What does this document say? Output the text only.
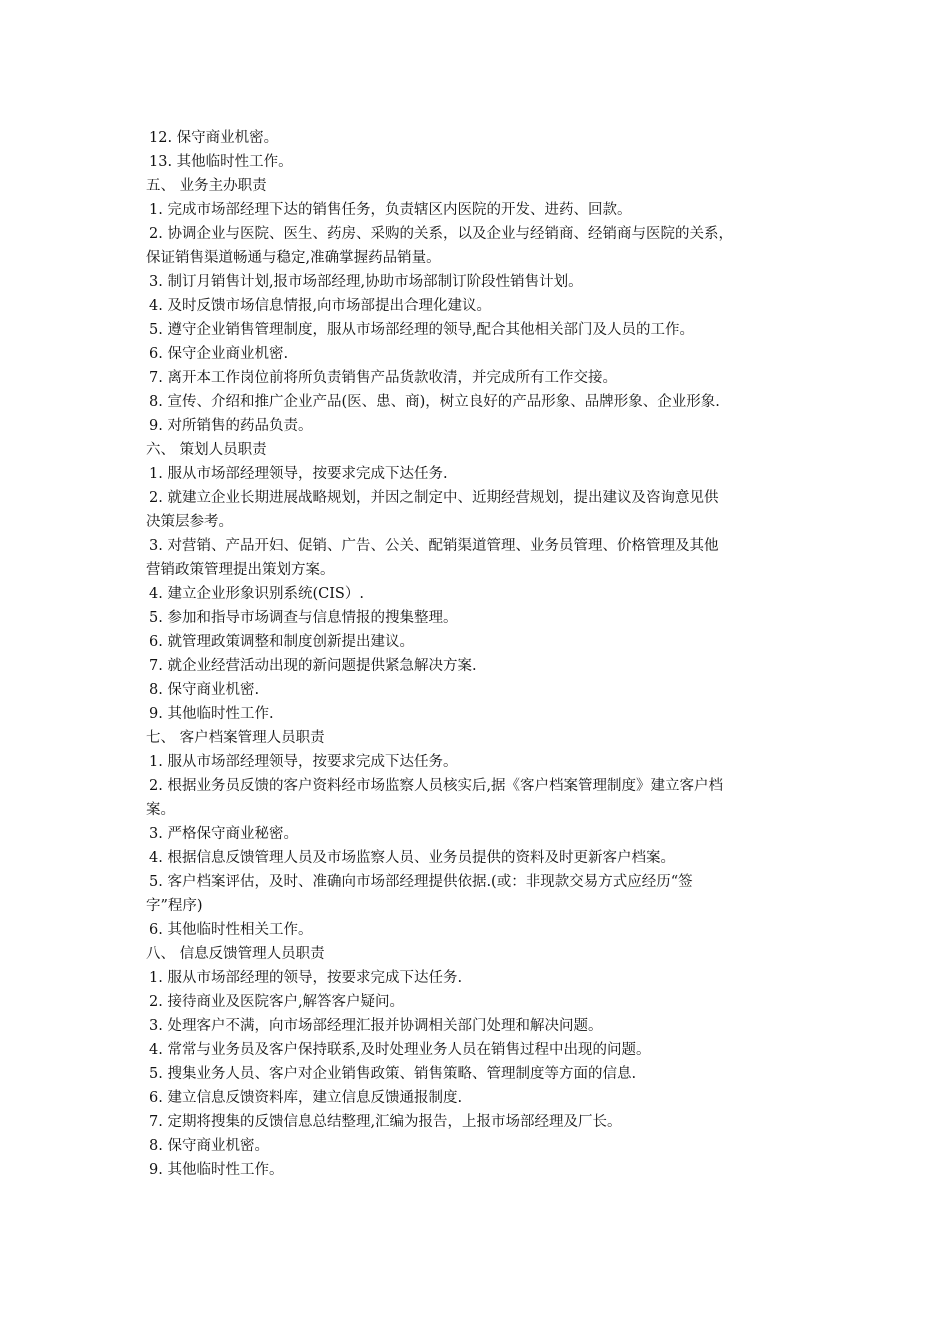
12. 保守商业机密。
13. 其他临时性工作。
五、 业务主办职责
1. 完成市场部经理下达的销售任务，负责辖区内医院的开发、进药、回款。
2. 协调企业与医院、医生、药房、采购的关系，以及企业与经销商、经销商与医院的关系，
保证销售渠道畅通与稳定,准确掌握药品销量。
3. 制订月销售计划,报市场部经理,协助市场部制订阶段性销售计划。
4. 及时反馈市场信息情报,向市场部提出合理化建议。
5. 遵守企业销售管理制度，服从市场部经理的领导,配合其他相关部门及人员的工作。
6. 保守企业商业机密.
7. 离开本工作岗位前将所负责销售产品货款收清，并完成所有工作交接。
8. 宣传、介绍和推广企业产品(医、患、商)，树立良好的产品形象、品牌形象、企业形象.
9. 对所销售的药品负责。
六、 策划人员职责
1. 服从市场部经理领导，按要求完成下达任务.
2. 就建立企业长期进展战略规划，并因之制定中、近期经营规划，提出建议及咨询意见供
决策层参考。
3. 对营销、产品开妇、促销、广告、公关、配销渠道管理、业务员管理、价格管理及其他
营销政策管理提出策划方案。
4. 建立企业形象识别系统(CIS）.
5. 参加和指导市场调查与信息情报的搜集整理。
6. 就管理政策调整和制度创新提出建议。
7. 就企业经营活动出现的新问题提供紧急解决方案.
8. 保守商业机密.
9. 其他临时性工作.
七、 客户档案管理人员职责
1. 服从市场部经理领导，按要求完成下达任务。
2. 根据业务员反馈的客户资料经市场监察人员核实后,据《客户档案管理制度》建立客户档
案。
3. 严格保守商业秘密。
4. 根据信息反馈管理人员及市场监察人员、业务员提供的资料及时更新客户档案。
5. 客户档案评估，及时、准确向市场部经理提供依据.(或：非现款交易方式应经历“签
字”程序)
6. 其他临时性相关工作。
八、 信息反馈管理人员职责
1. 服从市场部经理的领导，按要求完成下达任务.
2. 接待商业及医院客户,解答客户疑问。
3. 处理客户不满，向市场部经理汇报并协调相关部门处理和解决问题。
4. 常常与业务员及客户保持联系,及时处理业务人员在销售过程中出现的问题。
5. 搜集业务人员、客户对企业销售政策、销售策略、管理制度等方面的信息.
6. 建立信息反馈资料库，建立信息反馈通报制度.
7. 定期将搜集的反馈信息总结整理,汇编为报告，上报市场部经理及厂长。
8. 保守商业机密。
9. 其他临时性工作。
